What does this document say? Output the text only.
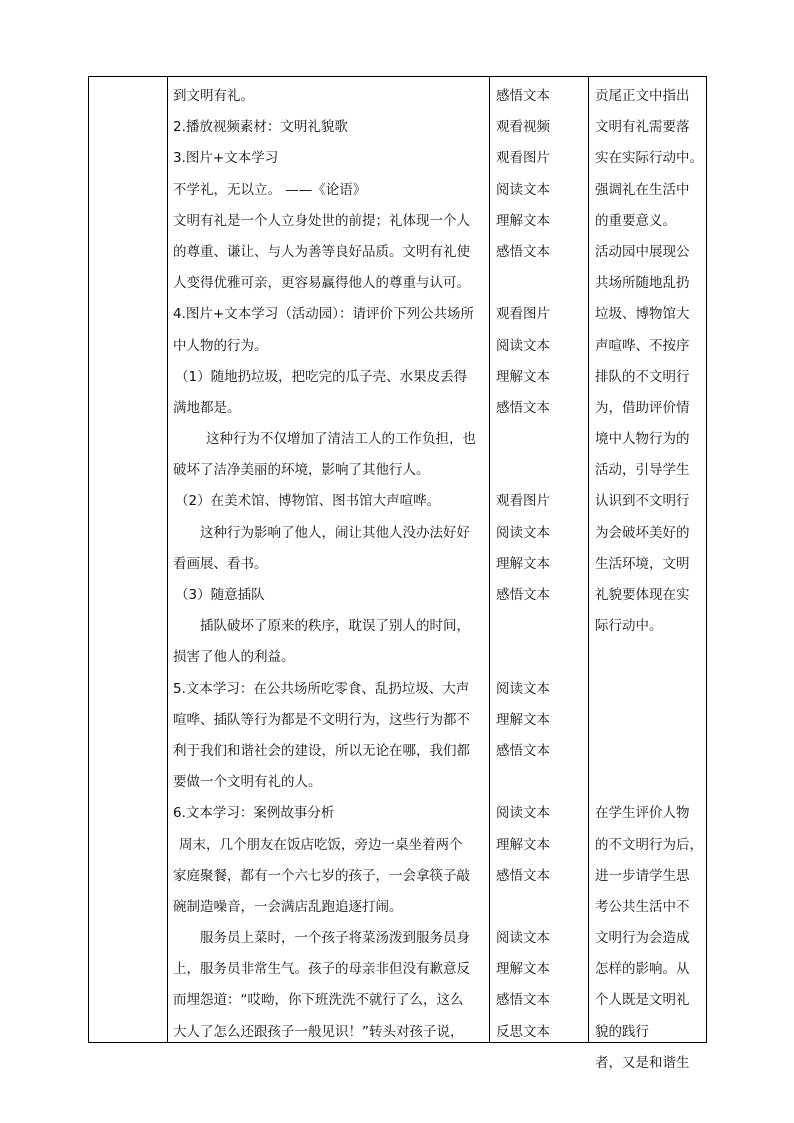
到文明有礼。
2.播放视频素材：文明礼貌歌
3.图片+文本学习
不学礼，无以立。 ——《论语》
文明有礼是一个人立身处世的前提；礼体现一个人
的尊重、谦让、与人为善等良好品质。文明有礼使
人变得优雅可亲，更容易赢得他人的尊重与认可。
4.图片+文本学习（活动园）：请评价下列公共场所
中人物的行为。
（1）随地扔垃圾，把吃完的瓜子壳、水果皮丢得
满地都是。
这种行为不仅增加了清洁工人的工作负担，也
破坏了洁净美丽的环境，影响了其他行人。
（2）在美术馆、博物馆、图书馆大声喧哗。
这种行为影响了他人，闹让其他人没办法好好
看画展、看书。
（3）随意插队
插队破坏了原来的秩序，耽误了别人的时间，
损害了他人的利益。
5.文本学习：在公共场所吃零食、乱扔垃圾、大声
喧哗、插队等行为都是不文明行为，这些行为都不
利于我们和谐社会的建设，所以无论在哪，我们都
要做一个文明有礼的人。
6.文本学习：案例故事分析
周末，几个朋友在饭店吃饭，旁边一桌坐着两个
家庭聚餐，都有一个六七岁的孩子，一会拿筷子敲
碗制造噪音，一会满店乱跑追逐打闹。
服务员上菜时，一个孩子将菜汤泼到服务员身
上，服务员非常生气。孩子的母亲非但没有歉意反
而埋怨道：“哎呦，你下班洗洗不就行了么，这么
大人了怎么还跟孩子一般见识！”转头对孩子说，
感悟文本
观看视频
观看图片
阅读文本
理解文本
感悟文本
观看图片
阅读文本
理解文本
感悟文本
观看图片
阅读文本
理解文本
感悟文本
阅读文本
理解文本
感悟文本
阅读文本
理解文本
感悟文本
阅读文本
理解文本
感悟文本
反思文本
贡尾正文中指出
文明有礼需要落
实在实际行动中。
强调礼在生活中
的重要意义。
活动园中展现公
共场所随地乱扔
垃圾、博物馆大
声喧哗、不按序
排队的不文明行
为，借助评价情
境中人物行为的
活动，引导学生
认识到不文明行
为会破坏美好的
生活环境，文明
礼貌要体现在实
际行动中。
在学生评价人物
的不文明行为后，
进一步请学生思
考公共生活中不
文明行为会造成
怎样的影响。从
个人既是文明礼
貌的践行
者，又是和谐生
